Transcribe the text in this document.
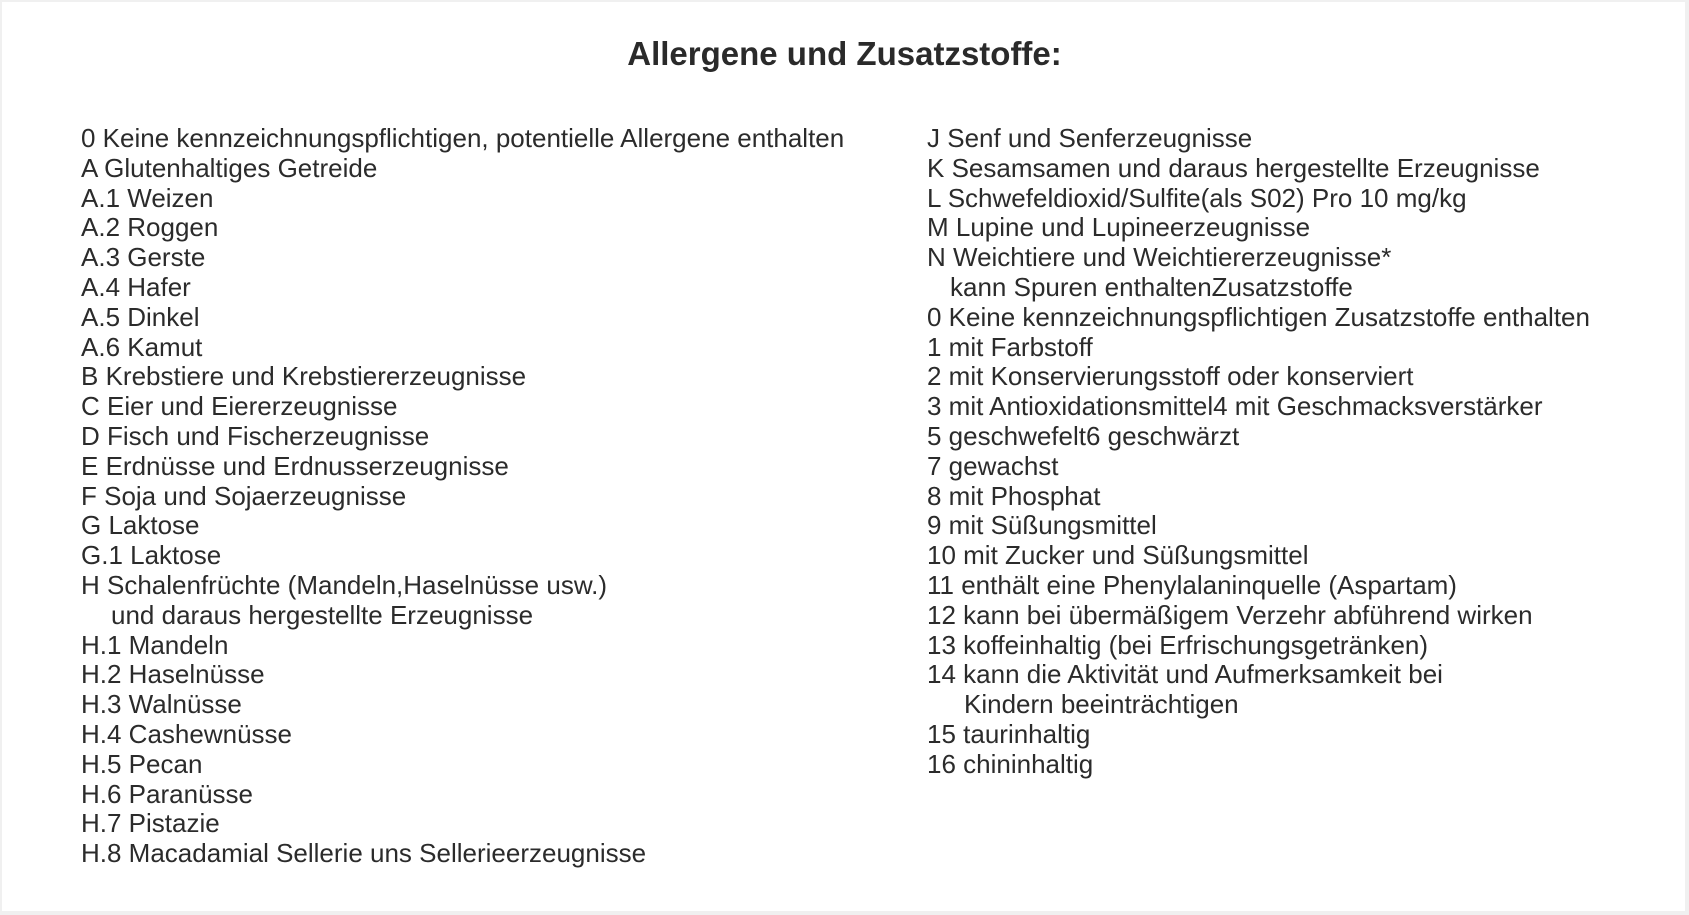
Allergene und Zusatzstoffe:
0 Keine kennzeichnungspflichtigen, potentielle Allergene enthalten
A Glutenhaltiges Getreide
A.1 Weizen
A.2 Roggen
A.3 Gerste
A.4 Hafer
A.5 Dinkel
A.6 Kamut
B Krebstiere und Krebstiererzeugnisse
C Eier und Eiererzeugnisse
D Fisch und Fischerzeugnisse
E Erdnüsse und Erdnusserzeugnisse
F Soja und Sojaerzeugnisse
G Laktose
G.1 Laktose
H Schalenfrüchte (Mandeln,Haselnüsse usw.)
und daraus hergestellte Erzeugnisse
H.1 Mandeln
H.2 Haselnüsse
H.3 Walnüsse
H.4 Cashewnüsse
H.5 Pecan
H.6 Paranüsse
H.7 Pistazie
H.8 Macadamial Sellerie uns Sellerieerzeugnisse
J Senf und Senferzeugnisse
K Sesamsamen und daraus hergestellte Erzeugnisse
L Schwefeldioxid/Sulfite(als S02) Pro 10 mg/kg
M Lupine und Lupineerzeugnisse
N Weichtiere und Weichtiererzeugnisse*
kann Spuren enthaltenZusatzstoffe
0 Keine kennzeichnungspflichtigen Zusatzstoffe enthalten
1 mit Farbstoff
2 mit Konservierungsstoff oder konserviert
3 mit Antioxidationsmittel4 mit Geschmacksverstärker
5 geschwefelt6 geschwärzt
7 gewachst
8 mit Phosphat
9 mit Süßungsmittel
10 mit Zucker und Süßungsmittel
11 enthält eine Phenylalaninquelle (Aspartam)
12 kann bei übermäßigem Verzehr abführend wirken
13 koffeinhaltig (bei Erfrischungsgetränken)
14 kann die Aktivität und Aufmerksamkeit bei
Kindern beeinträchtigen
15 taurinhaltig
16 chininhaltig
